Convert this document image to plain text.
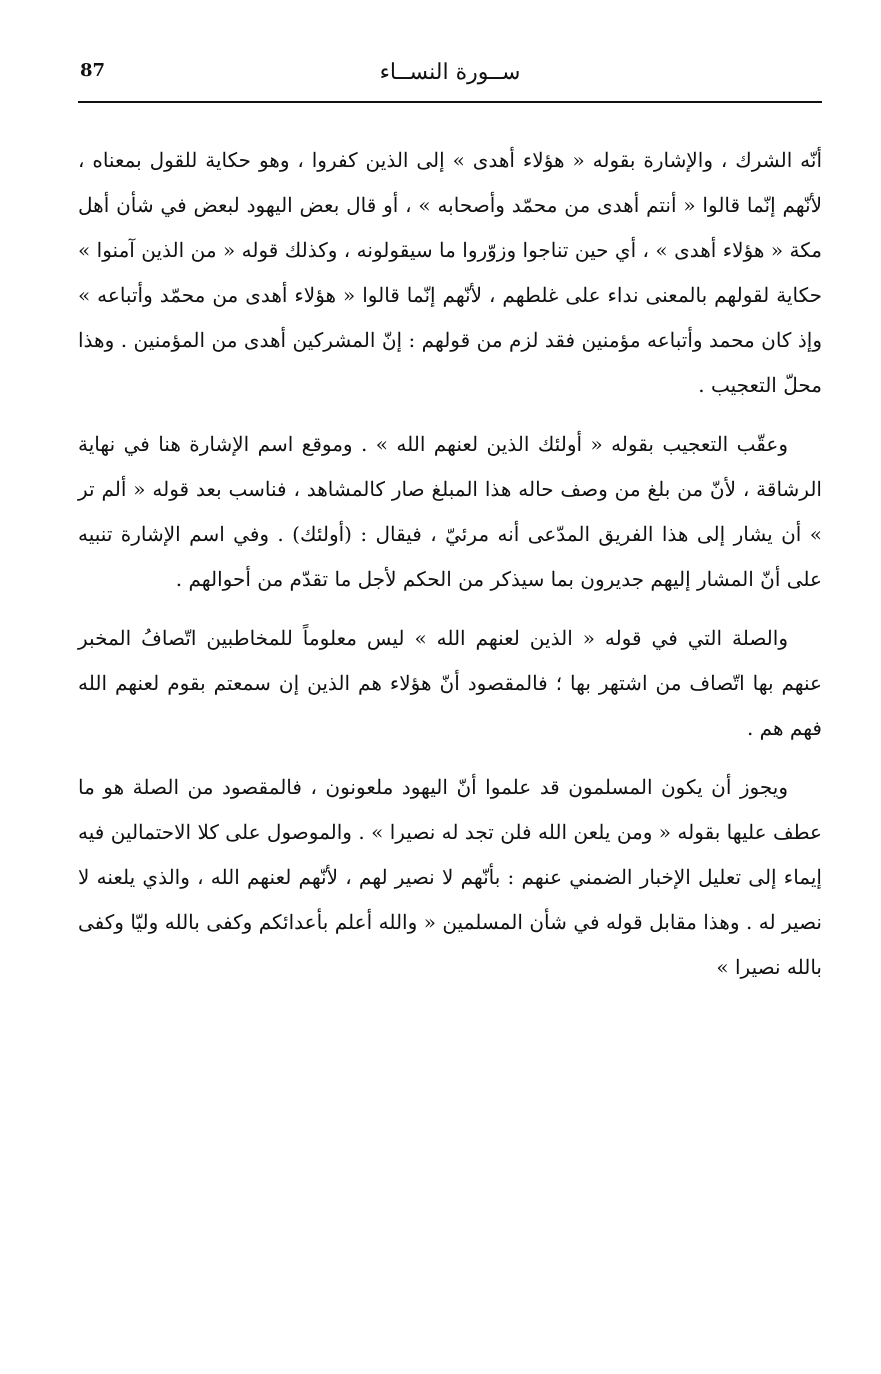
87	ســورة النســاء

أنّه الشرك ، والإشارة بقوله « هؤلاء أهدى » إلى الذين كفروا ، وهو حكاية للقول بمعناه ، لأنّهم إنّما قالوا « أنتم أهدى من محمّد وأصحابه » ، أو قال بعض اليهود لبعض في شأن أهل مكة « هؤلاء أهدى » ، أي حين تناجوا وزوّروا ما سيقولونه ، وكذلك قوله « من الذين آمنوا » حكاية لقولهم بالمعنى نداء على غلطهم ، لأنّهم إنّما قالوا « هؤلاء أهدى من محمّد وأتباعه » وإذ كان محمد وأتباعه مؤمنين فقد لزم من قولهم : إنّ المشركين أهدى من المؤمنين . وهذا محلّ التعجيب .

وعقّب التعجيب بقوله « أولئك الذين لعنهم الله » . وموقع اسم الإشارة هنا في نهاية الرشاقة ، لأنّ من بلغ من وصف حاله هذا المبلغ صار كالمشاهد ، فناسب بعد قوله « ألم تر » أن يشار إلى هذا الفريق المدّعى أنه مرئيّ ، فيقال : (أولئك) . وفي اسم الإشارة تنبيه على أنّ المشار إليهم جديرون بما سيذكر من الحكم لأجل ما تقدّم من أحوالهم .

والصلة التي في قوله « الذين لعنهم الله » ليس معلوماً للمخاطبين اتّصافُ المخبر عنهم بها اتّصاف من اشتهر بها ؛ فالمقصود أنّ هؤلاء هم الذين إن سمعتم بقوم لعنهم الله فهم هم .

ويجوز أن يكون المسلمون قد علموا أنّ اليهود ملعونون ، فالمقصود من الصلة هو ما عطف عليها بقوله « ومن يلعن الله فلن تجد له نصيرا » . والموصول على كلا الاحتمالين فيه إيماء إلى تعليل الإخبار الضمني عنهم : بأنّهم لا نصير لهم ، لأنّهم لعنهم الله ، والذي يلعنه لا نصير له . وهذا مقابل قوله في شأن المسلمين « والله أعلم بأعدائكم وكفى بالله وليّا وكفى بالله نصيرا »
